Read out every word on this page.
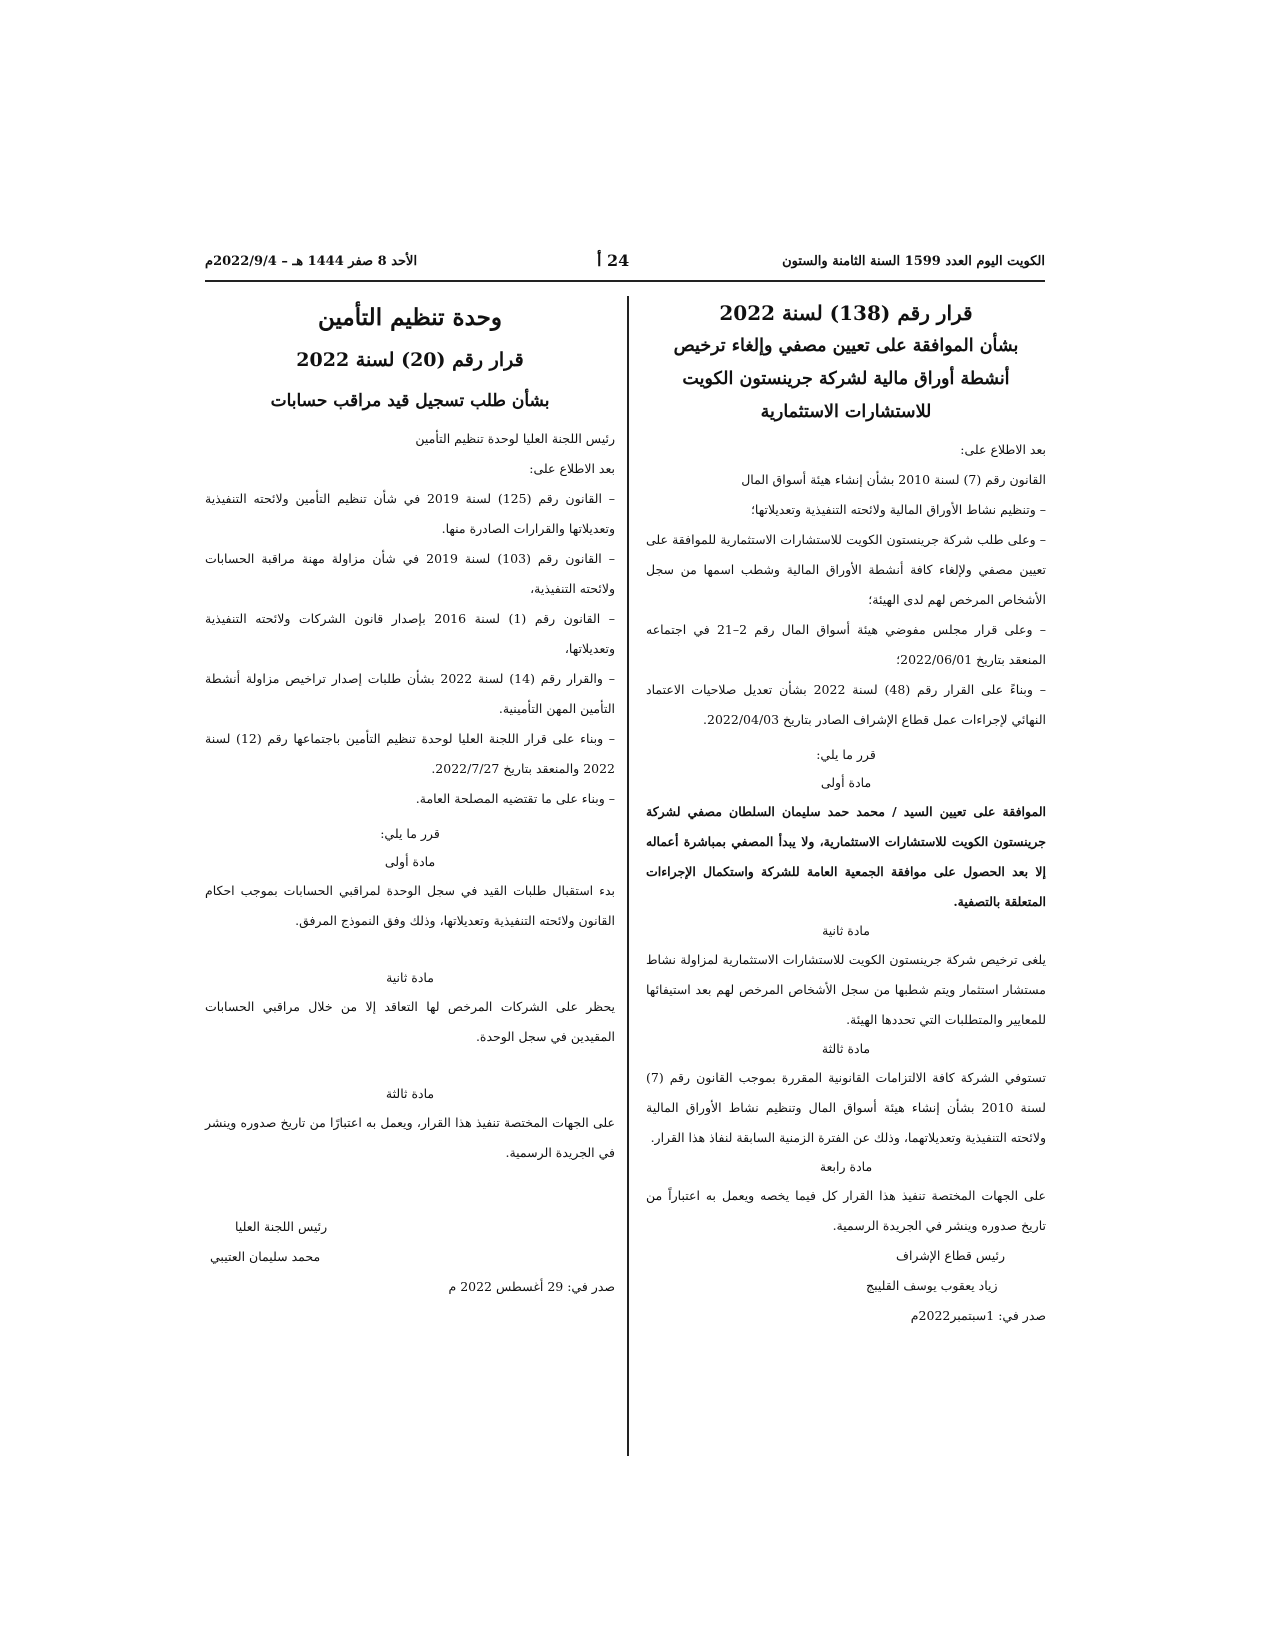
الكويت اليوم العدد 1599 السنة الثامنة والستون
24 أ
الأحد 8 صفر 1444 هـ – 2022/9/4م

قرار رقم (138) لسنة 2022

بشأن الموافقة على تعيين مصفي وإلغاء ترخيص

أنشطة أوراق مالية لشركة جرينستون الكويت

للاستشارات الاستثمارية

بعد الاطلاع على:

القانون رقم (7) لسنة 2010 بشأن إنشاء هيئة أسواق المال

– وتنظيم نشاط الأوراق المالية ولائحته التنفيذية وتعديلاتها؛

– وعلى طلب شركة جرينستون الكويت للاستشارات الاستثمارية للموافقة على تعيين مصفي ولإلغاء كافة أنشطة الأوراق المالية وشطب اسمها من سجل الأشخاص المرخص لهم لدى الهيئة؛

– وعلى قرار مجلس مفوضي هيئة أسواق المال رقم 2–21 في اجتماعه المنعقد بتاريخ 2022/06/01؛

– وبناءً على القرار رقم (48) لسنة 2022 بشأن تعديل صلاحيات الاعتماد النهائي لإجراءات عمل قطاع الإشراف الصادر بتاريخ 2022/04/03.

قرر ما يلي:

مادة أولى

الموافقة على تعيين السيد / محمد حمد سليمان السلطان مصفي لشركة جرينستون الكويت للاستشارات الاستثمارية، ولا يبدأ المصفي بمباشرة أعماله إلا بعد الحصول على موافقة الجمعية العامة للشركة واستكمال الإجراءات المتعلقة بالتصفية.

مادة ثانية

يلغى ترخيص شركة جرينستون الكويت للاستشارات الاستثمارية لمزاولة نشاط مستشار استثمار ويتم شطبها من سجل الأشخاص المرخص لهم بعد استيفائها للمعايير والمتطلبات التي تحددها الهيئة.

مادة ثالثة

تستوفي الشركة كافة الالتزامات القانونية المقررة بموجب القانون رقم (7) لسنة 2010 بشأن إنشاء هيئة أسواق المال وتنظيم نشاط الأوراق المالية ولائحته التنفيذية وتعديلاتهما، وذلك عن الفترة الزمنية السابقة لنفاذ هذا القرار.

مادة رابعة

على الجهات المختصة تنفيذ هذا القرار كل فيما يخصه ويعمل به اعتباراً من تاريخ صدوره وينشر في الجريدة الرسمية.

رئيس قطاع الإشراف

زياد يعقوب يوسف القليبج

صدر في: 1سبتمبر2022م

وحدة تنظيم التأمين

قرار رقم (20) لسنة 2022

بشأن طلب تسجيل قيد مراقب حسابات

رئيس اللجنة العليا لوحدة تنظيم التأمين

بعد الاطلاع على:

– القانون رقم (125) لسنة 2019 في شأن تنظيم التأمين ولائحته التنفيذية وتعديلاتها والقرارات الصادرة منها.

– القانون رقم (103) لسنة 2019 في شأن مزاولة مهنة مراقبة الحسابات ولائحته التنفيذية،

– القانون رقم (1) لسنة 2016 بإصدار قانون الشركات ولائحته التنفيذية وتعديلاتها،

– والقرار رقم (14) لسنة 2022 بشأن طلبات إصدار تراخيص مزاولة أنشطة التأمين المهن التأمينية.

– وبناء على قرار اللجنة العليا لوحدة تنظيم التأمين باجتماعها رقم (12) لسنة 2022 والمنعقد بتاريخ 2022/7/27.

– وبناء على ما تقتضيه المصلحة العامة.

قرر ما يلي:

مادة أولى

بدء استقبال طلبات القيد في سجل الوحدة لمراقبي الحسابات بموجب احكام القانون ولائحته التنفيذية وتعديلاتها، وذلك وفق النموذج المرفق.

مادة ثانية

يحظر على الشركات المرخص لها التعاقد إلا من خلال مراقبي الحسابات المقيدين في سجل الوحدة.

مادة ثالثة

على الجهات المختصة تنفيذ هذا القرار، ويعمل به اعتبارًا من تاريخ صدوره وينشر في الجريدة الرسمية.

رئيس اللجنة العليا

محمد سليمان العتيبي

صدر في: 29 أغسطس 2022 م
